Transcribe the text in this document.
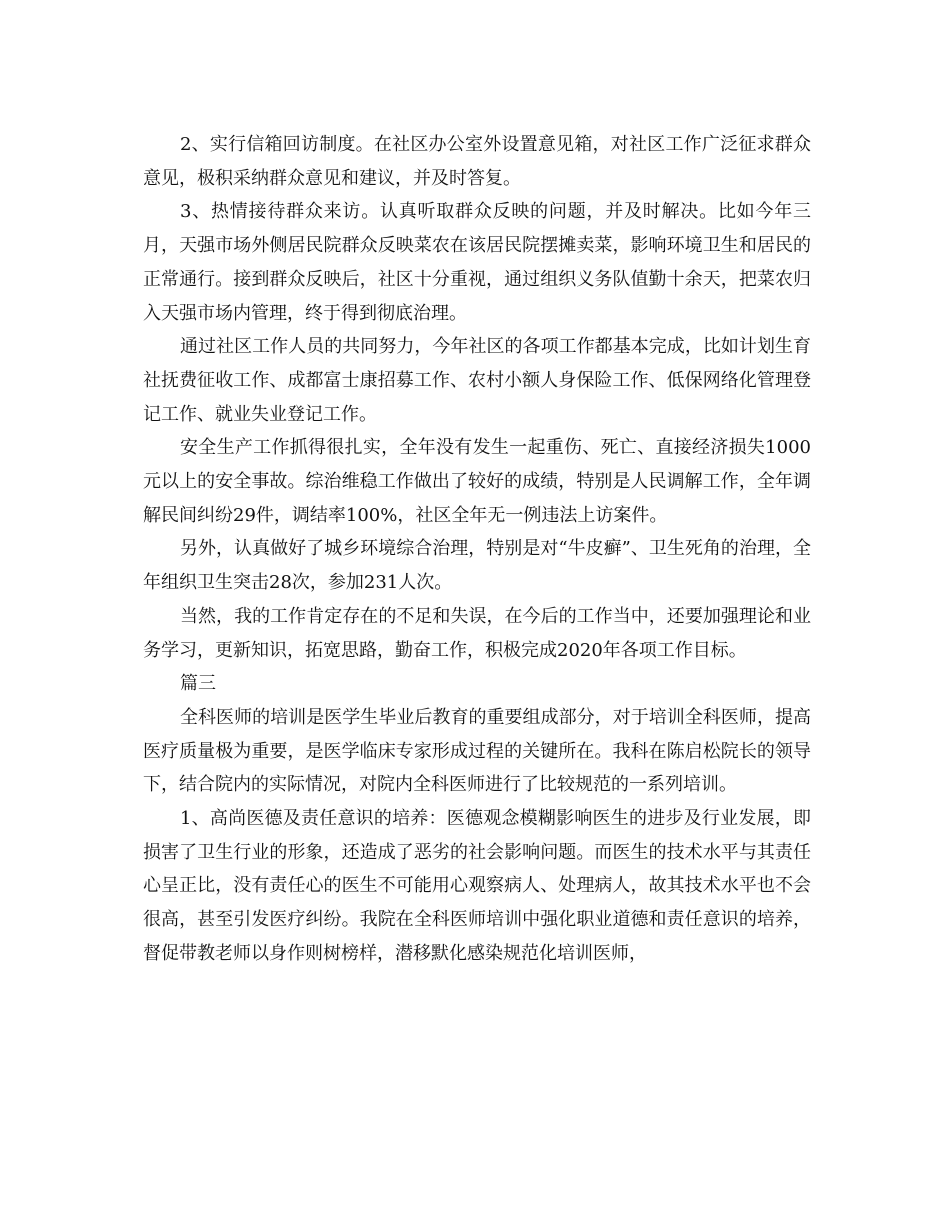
2、实行信箱回访制度。在社区办公室外设置意见箱，对社区工作广泛征求群众意见，极积采纳群众意见和建议，并及时答复。

3、热情接待群众来访。认真听取群众反映的问题，并及时解决。比如今年三月，天强市场外侧居民院群众反映菜农在该居民院摆摊卖菜，影响环境卫生和居民的正常通行。接到群众反映后，社区十分重视，通过组织义务队值勤十余天，把菜农归入天强市场内管理，终于得到彻底治理。

通过社区工作人员的共同努力，今年社区的各项工作都基本完成，比如计划生育社抚费征收工作、成都富士康招募工作、农村小额人身保险工作、低保网络化管理登记工作、就业失业登记工作。

安全生产工作抓得很扎实，全年没有发生一起重伤、死亡、直接经济损失1000元以上的安全事故。综治维稳工作做出了较好的成绩，特别是人民调解工作，全年调解民间纠纷29件，调结率100%，社区全年无一例违法上访案件。

另外，认真做好了城乡环境综合治理，特别是对“牛皮癣”、卫生死角的治理，全年组织卫生突击28次，参加231人次。

当然，我的工作肯定存在的不足和失误，在今后的工作当中，还要加强理论和业务学习，更新知识，拓宽思路，勤奋工作，积极完成2020年各项工作目标。

篇三

全科医师的培训是医学生毕业后教育的重要组成部分，对于培训全科医师，提高医疗质量极为重要，是医学临床专家形成过程的关键所在。我科在陈启松院长的领导下，结合院内的实际情况，对院内全科医师进行了比较规范的一系列培训。

1、高尚医德及责任意识的培养：医德观念模糊影响医生的进步及行业发展，即损害了卫生行业的形象，还造成了恶劣的社会影响问题。而医生的技术水平与其责任心呈正比，没有责任心的医生不可能用心观察病人、处理病人，故其技术水平也不会很高，甚至引发医疗纠纷。我院在全科医师培训中强化职业道德和责任意识的培养，督促带教老师以身作则树榜样，潜移默化感染规范化培训医师，
